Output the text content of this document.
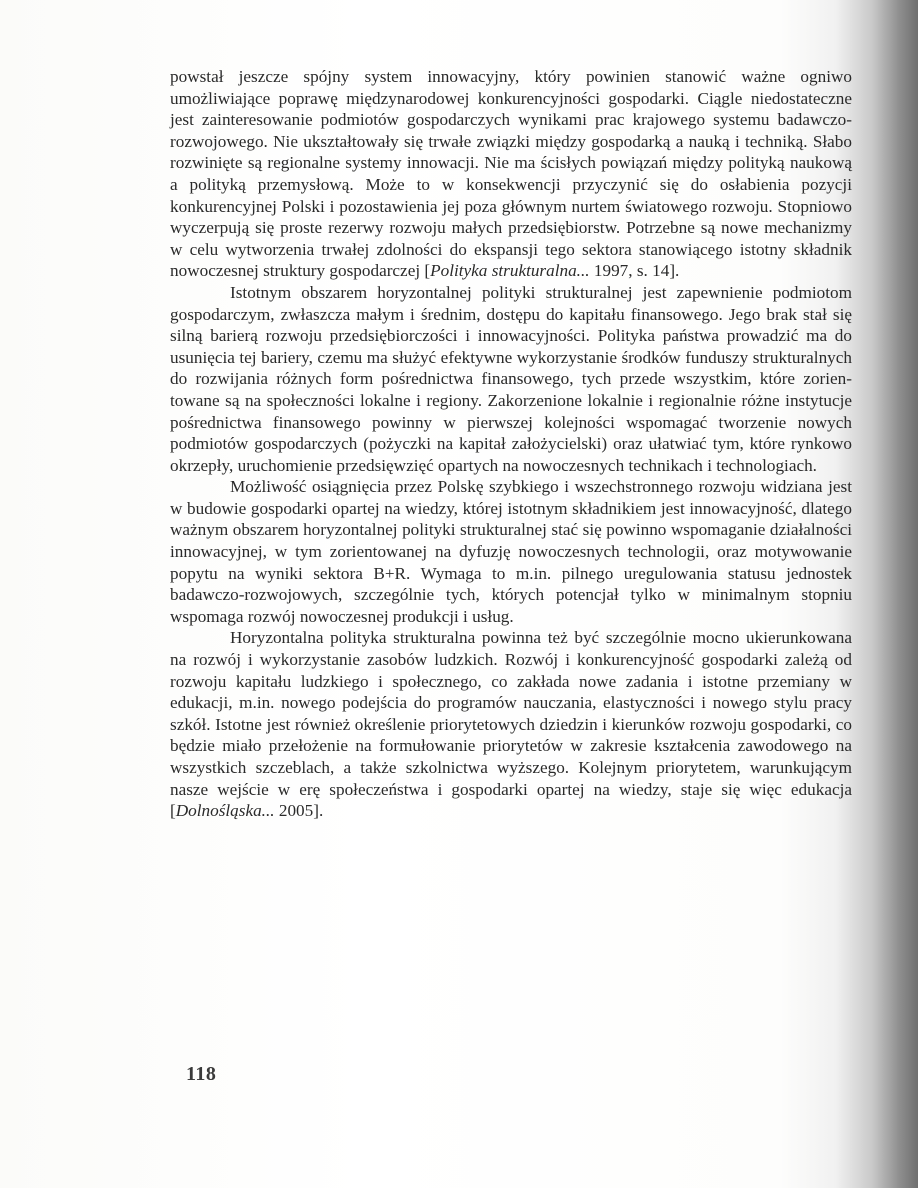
powstał jeszcze spójny system innowacyjny, który powinien stanowić ważne ogniwo umożliwiające poprawę międzynarodowej konkurencyjności gospodarki. Ciągle niedostateczne jest zainteresowanie podmiotów gospodarczych wynikami prac krajowego systemu badawczo-rozwojowego. Nie ukształtowały się trwałe związki między gospodarką a nauką i techniką. Słabo rozwinięte są regionalne systemy innowacji. Nie ma ścisłych powiązań między polityką naukową a polityką przemysłową. Może to w konsekwencji przyczynić się do osłabienia pozycji konkurencyjnej Polski i pozostawienia jej poza głównym nurtem światowego rozwoju. Stopniowo wyczerpują się proste rezerwy rozwoju małych przedsiębiorstw. Potrzebne są nowe mechanizmy w celu wytworzenia trwałej zdolności do ekspansji tego sektora stanowiącego istotny składnik nowoczesnej struktury gospodarczej [Polityka strukturalna... 1997, s. 14].

Istotnym obszarem horyzontalnej polityki strukturalnej jest zapewnienie podmiotom gospodarczym, zwłaszcza małym i średnim, dostępu do kapitału finansowego. Jego brak stał się silną barierą rozwoju przedsiębiorczości i innowacyjności. Polityka państwa prowadzić ma do usunięcia tej bariery, czemu ma służyć efektywne wykorzystanie środków funduszy strukturalnych do rozwijania różnych form pośrednictwa finansowego, tych przede wszystkim, które zorientowane są na społeczności lokalne i regiony. Zakorzenione lokalnie i regionalnie różne instytucje pośrednictwa finansowego powinny w pierwszej kolejności wspomagać tworzenie nowych podmiotów gospodarczych (pożyczki na kapitał założycielski) oraz ułatwiać tym, które rynkowo okrzepły, uruchomienie przedsięwzięć opartych na nowoczesnych technikach i technologiach.

Możliwość osiągnięcia przez Polskę szybkiego i wszechstronnego rozwoju widziana jest w budowie gospodarki opartej na wiedzy, której istotnym składnikiem jest innowacyjność, dlatego ważnym obszarem horyzontalnej polityki strukturalnej stać się powinno wspomaganie działalności innowacyjnej, w tym zorientowanej na dyfuzję nowoczesnych technologii, oraz motywowanie popytu na wyniki sektora B+R. Wymaga to m.in. pilnego uregulowania statusu jednostek badawczo-rozwojowych, szczególnie tych, których potencjał tylko w minimalnym stopniu wspomaga rozwój nowoczesnej produkcji i usług.

Horyzontalna polityka strukturalna powinna też być szczególnie mocno ukierunkowana na rozwój i wykorzystanie zasobów ludzkich. Rozwój i konkurencyjność gospodarki zależą od rozwoju kapitału ludzkiego i społecznego, co zakłada nowe zadania i istotne przemiany w edukacji, m.in. nowego podejścia do programów nauczania, elastyczności i nowego stylu pracy szkół. Istotne jest również określenie priorytetowych dziedzin i kierunków rozwoju gospodarki, co będzie miało przełożenie na formułowanie priorytetów w zakresie kształcenia zawodowego na wszystkich szczeblach, a także szkolnictwa wyższego. Kolejnym priorytetem, warunkującym nasze wejście w erę społeczeństwa i gospodarki opartej na wiedzy, staje się więc edukacja [Dolnośląska... 2005].

118
